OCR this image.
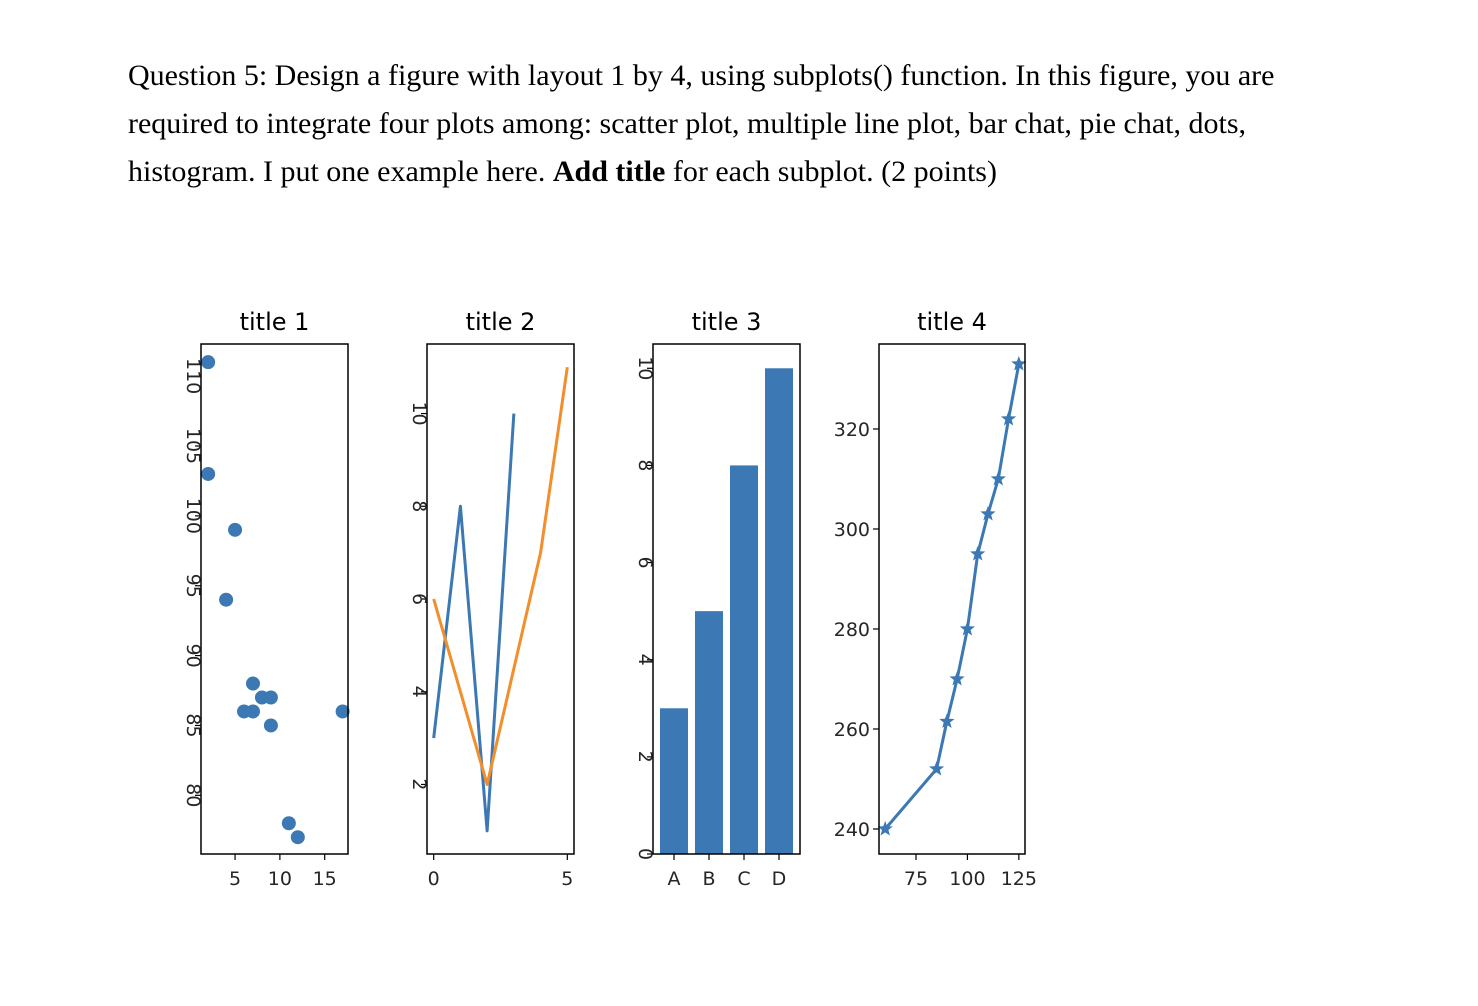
Question 5: Design a figure with layout 1 by 4, using subplots() function. In this figure, you are required to integrate four plots among: scatter plot, multiple line plot, bar chat, pie chat, dots, histogram. I put one example here. Add title for each subplot. (2 points)
title 1
80
85
90
95
100
105
110
5 10 15
title 2
2
4
6
8
10
0	5
title 3
0
2
4
6
8
10
A B C D
title 4
240
260
280
300
320
75 100 125
